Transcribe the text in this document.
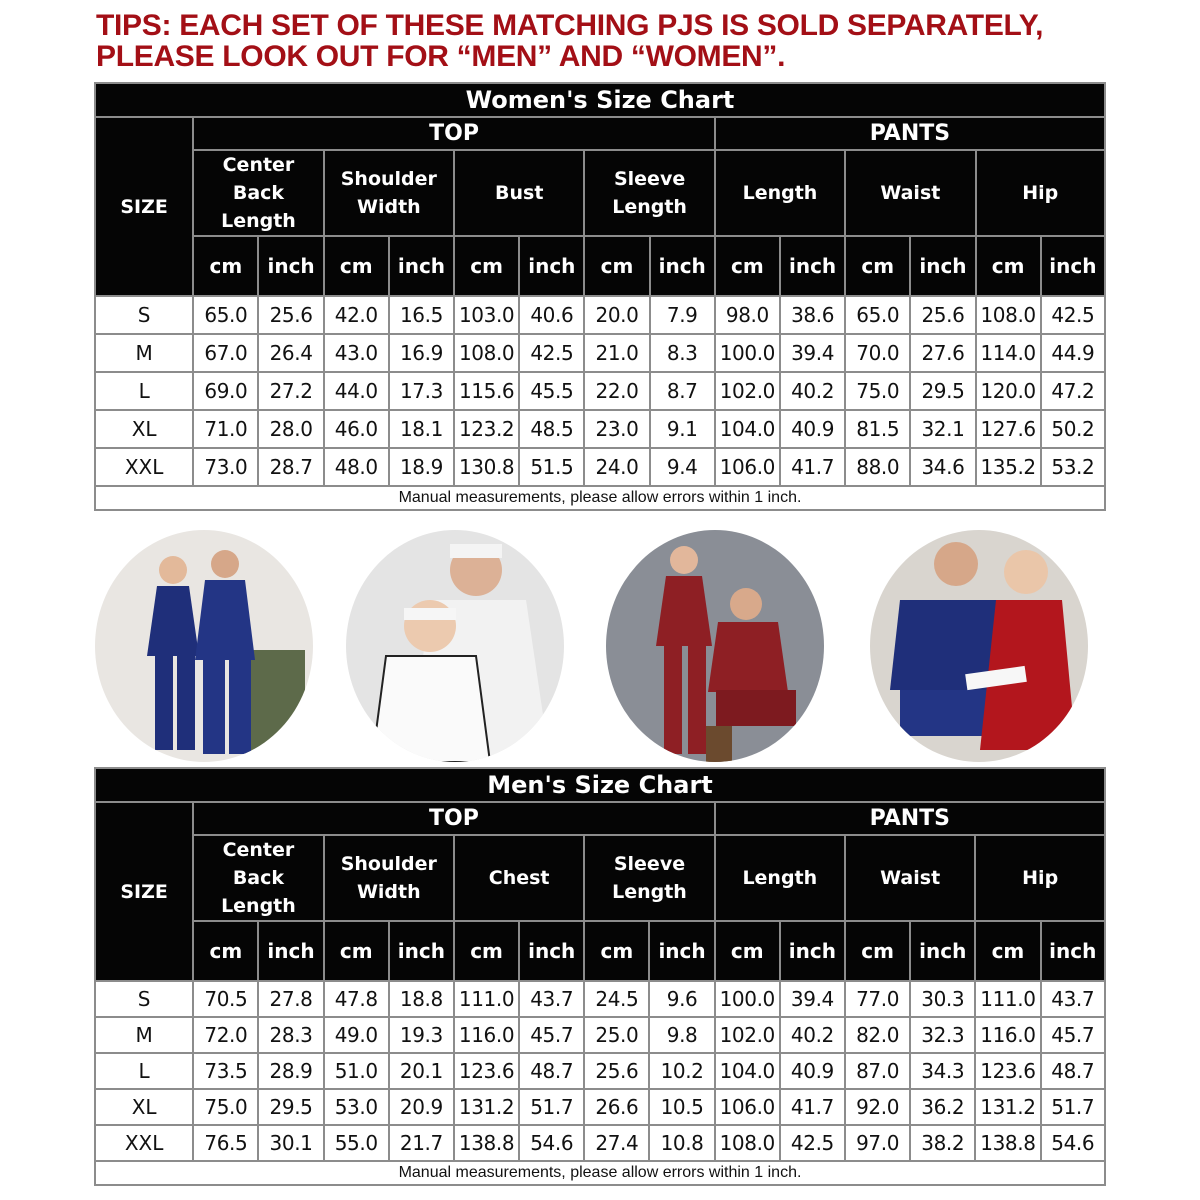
TIPS: EACH SET OF THESE MATCHING PJS IS SOLD SEPARATELY,
PLEASE LOOK OUT FOR “MEN” AND “WOMEN”.

Women's Size Chart														
SIZE	TOP								PANTS					
	Center Back Length		Shoulder Width		Bust		Sleeve Length		Length		Waist		Hip	
	cm	inch	cm	inch	cm	inch	cm	inch	cm	inch	cm	inch	cm	inch
S	65.0	25.6	42.0	16.5	103.0	40.6	20.0	7.9	98.0	38.6	65.0	25.6	108.0	42.5
M	67.0	26.4	43.0	16.9	108.0	42.5	21.0	8.3	100.0	39.4	70.0	27.6	114.0	44.9
L	69.0	27.2	44.0	17.3	115.6	45.5	22.0	8.7	102.0	40.2	75.0	29.5	120.0	47.2
XL	71.0	28.0	46.0	18.1	123.2	48.5	23.0	9.1	104.0	40.9	81.5	32.1	127.6	50.2
XXL	73.0	28.7	48.0	18.9	130.8	51.5	24.0	9.4	106.0	41.7	88.0	34.6	135.2	53.2
Manual measurements, please allow errors within 1 inch.														
Men's Size Chart														
SIZE	TOP								PANTS					
	Center Back Length		Shoulder Width		Chest		Sleeve Length		Length		Waist		Hip	
	cm	inch	cm	inch	cm	inch	cm	inch	cm	inch	cm	inch	cm	inch
S	70.5	27.8	47.8	18.8	111.0	43.7	24.5	9.6	100.0	39.4	77.0	30.3	111.0	43.7
M	72.0	28.3	49.0	19.3	116.0	45.7	25.0	9.8	102.0	40.2	82.0	32.3	116.0	45.7
L	73.5	28.9	51.0	20.1	123.6	48.7	25.6	10.2	104.0	40.9	87.0	34.3	123.6	48.7
XL	75.0	29.5	53.0	20.9	131.2	51.7	26.6	10.5	106.0	41.7	92.0	36.2	131.2	51.7
XXL	76.5	30.1	55.0	21.7	138.8	54.6	27.4	10.8	108.0	42.5	97.0	38.2	138.8	54.6
Manual measurements, please allow errors within 1 inch.														
